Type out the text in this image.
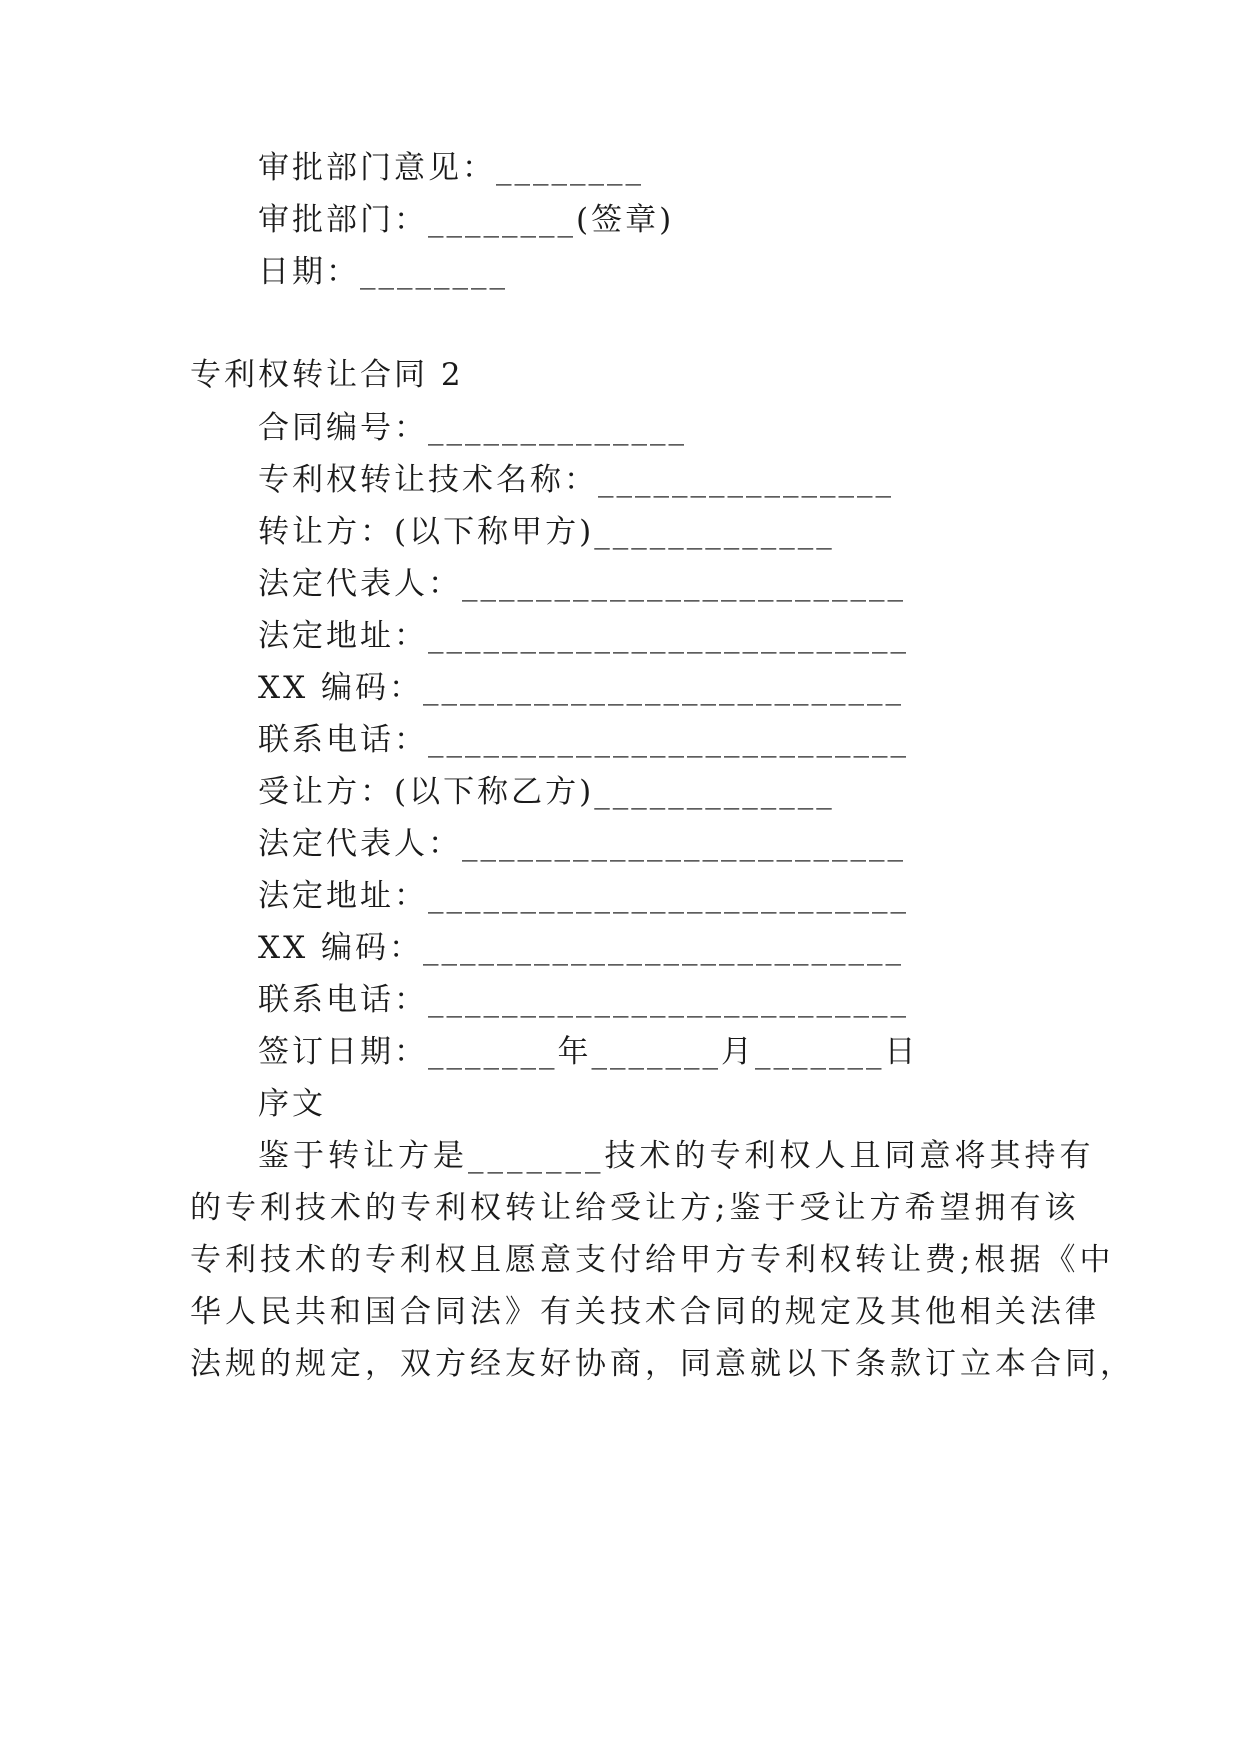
审批部门意见：________
审批部门：________(签章)
日期：________
专利权转让合同 2
合同编号：______________
专利权转让技术名称：________________
转让方：(以下称甲方)_____________
法定代表人：________________________
法定地址：__________________________
XX 编码：__________________________
联系电话：__________________________
受让方：(以下称乙方)_____________
法定代表人：________________________
法定地址：__________________________
XX 编码：__________________________
联系电话：__________________________
签订日期：_______年_______月_______日
序文
鉴于转让方是_______技术的专利权人且同意将其持有
的专利技术的专利权转让给受让方;鉴于受让方希望拥有该
专利技术的专利权且愿意支付给甲方专利权转让费;根据《中
华人民共和国合同法》有关技术合同的规定及其他相关法律
法规的规定，双方经友好协商，同意就以下条款订立本合同，
